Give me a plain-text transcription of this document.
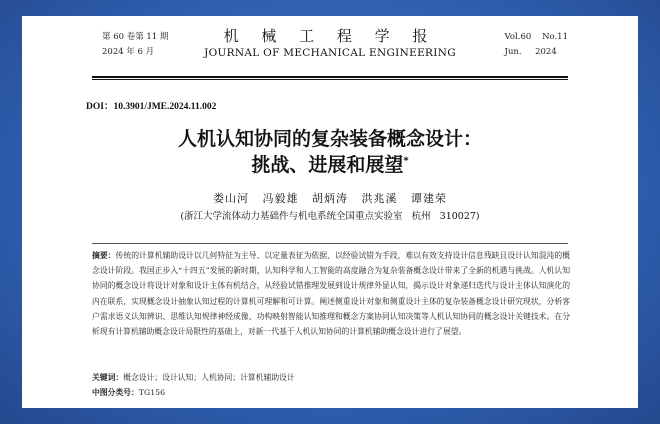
第 60 卷第 11 期
2024 年 6 月
机 械 工 程 学 报
JOURNAL OF MECHANICAL ENGINEERING
Vol.60    No.11
Jun.     2024
DOI：10.3901/JME.2024.11.002
人机认知协同的复杂装备概念设计：
挑战、进展和展望*
娄山河   冯毅雄   胡炳涛   洪兆溪   谭建荣
(浙江大学流体动力基础件与机电系统全国重点实验室   杭州   310027)
摘要：传统的计算机辅助设计以几何特征为主导、以定量表征为依据、以经验试错为手段，难以有效支持设计信息残缺且设计认知混沌的概念设计阶段。我国正步入“十四五”发展的新时期，认知科学和人工智能的高度融合为复杂装备概念设计带来了全新的机遇与挑战。人机认知协同的概念设计将设计对象和设计主体有机结合，从经验试错推理发展到设计规律外显认知，揭示设计对象递归迭代与设计主体认知演化的内在联系，实现概念设计抽象认知过程的计算机可理解和可计算。阐述侧重设计对象和侧重设计主体的复杂装备概念设计研究现状，分析客户需求语义认知辨识、思维认知规律神经成像、功构映射智能认知推理和概念方案协同认知决策等人机认知协同的概念设计关键技术。在分析现有计算机辅助概念设计局限性的基础上，对新一代基于人机认知协同的计算机辅助概念设计进行了展望。
关键词：概念设计；设计认知；人机协同；计算机辅助设计
中图分类号：TG156
